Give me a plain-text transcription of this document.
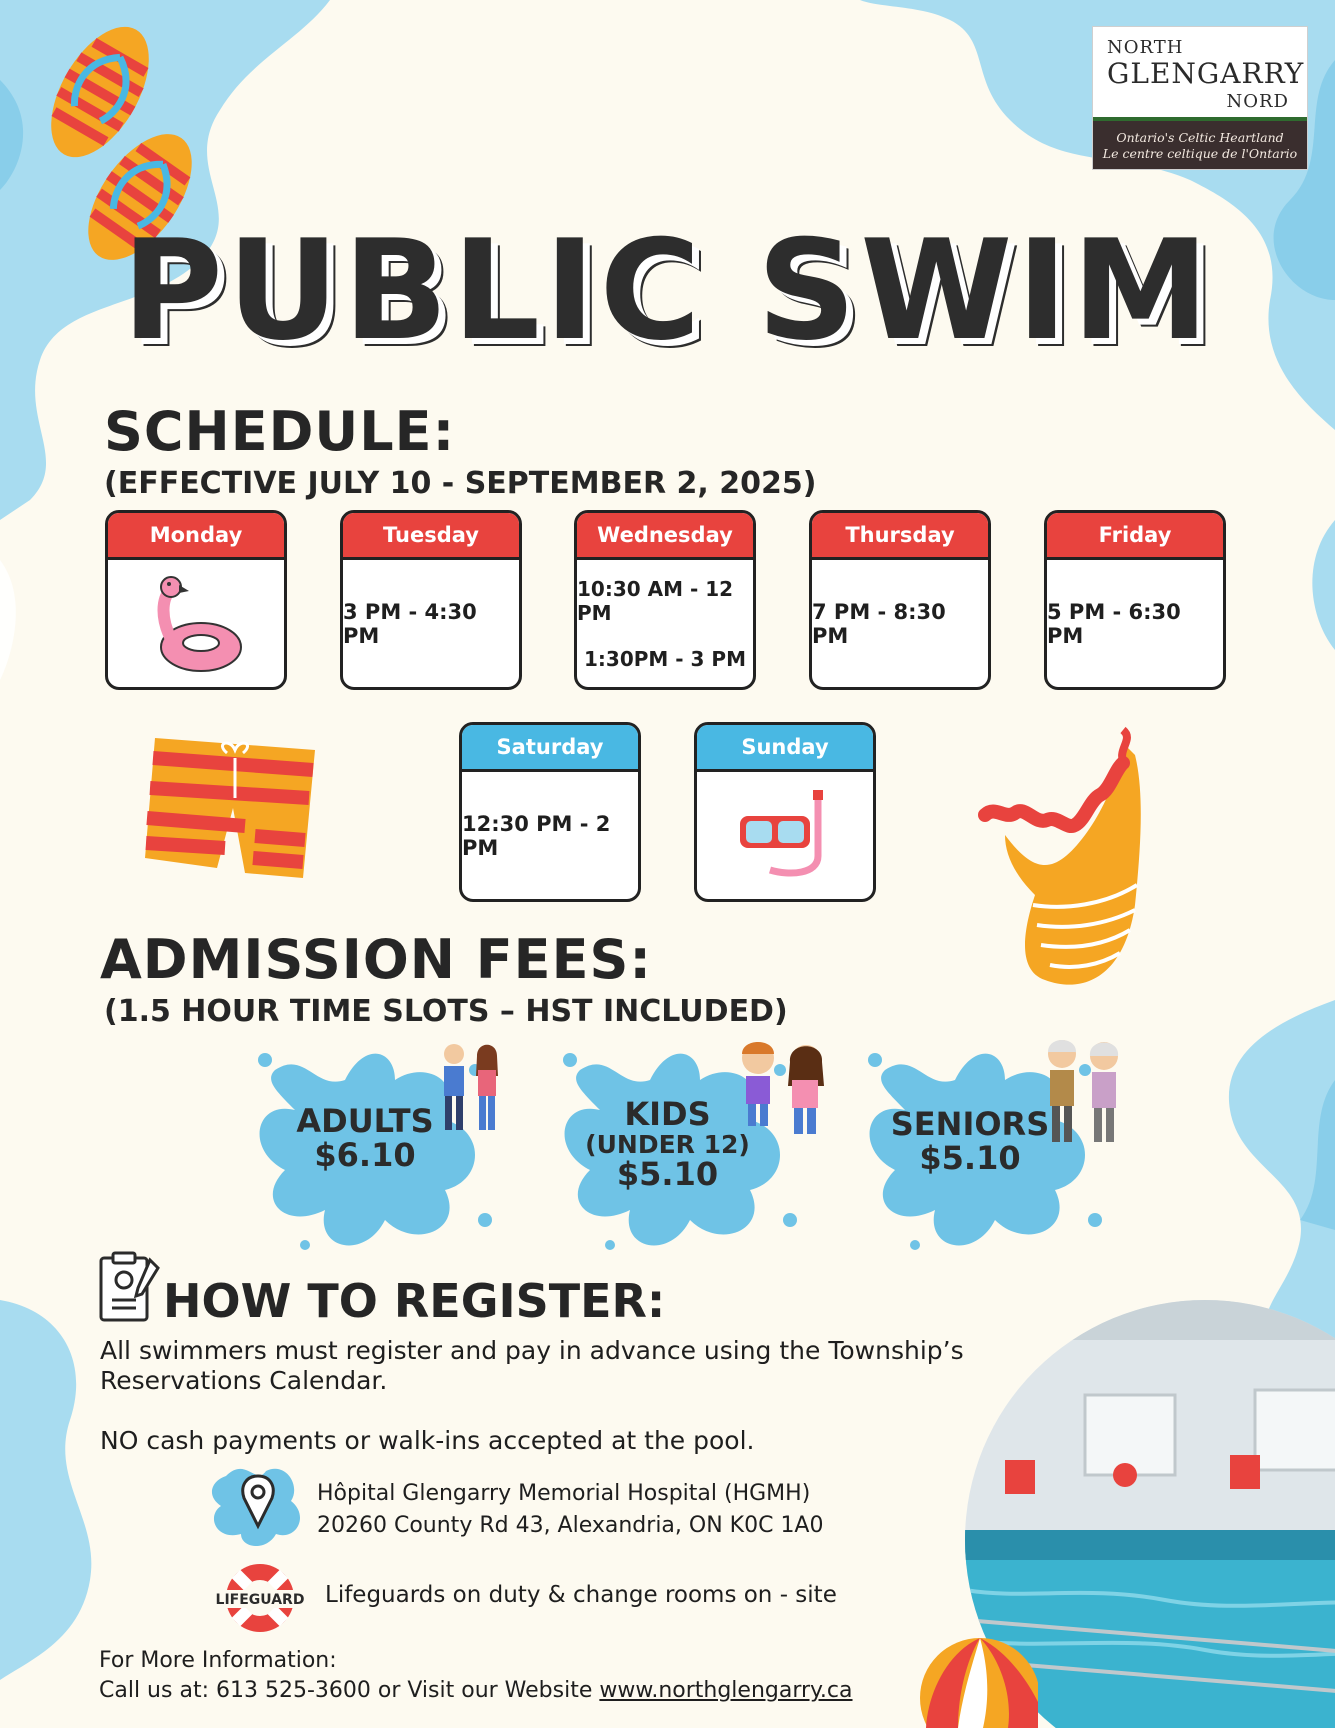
NORTH
GLENGARRY
NORD
Ontario's Celtic Heartland
Le centre celtique de l'Ontario
PUBLIC SWIM
SCHEDULE:
(EFFECTIVE JULY 10 - SEPTEMBER 2, 2025)
Monday	Tuesday
3 PM - 4:30 PM
Wednesday
10:30 AM - 12 PM
1:30PM - 3 PM
Thursday
7 PM - 8:30 PM
Friday
5 PM - 6:30 PM
Saturday
12:30 PM - 2 PM
Sunday
ADMISSION FEES:
(1.5 HOUR TIME SLOTS – HST INCLUDED)
ADULTS
$6.10
KIDS
(UNDER 12)
$5.10
SENIORS
$5.10
HOW TO REGISTER:
All swimmers must register and pay in advance using the Township’s
Reservations Calendar.
NO cash payments or walk-ins accepted at the pool.
Hôpital Glengarry Memorial Hospital (HGMH)
20260 County Rd 43, Alexandria, ON K0C 1A0
LIFEGUARD Lifeguards on duty & change rooms on - site
For More Information:
Call us at: 613 525-3600 or Visit our Website www.northglengarry.ca
